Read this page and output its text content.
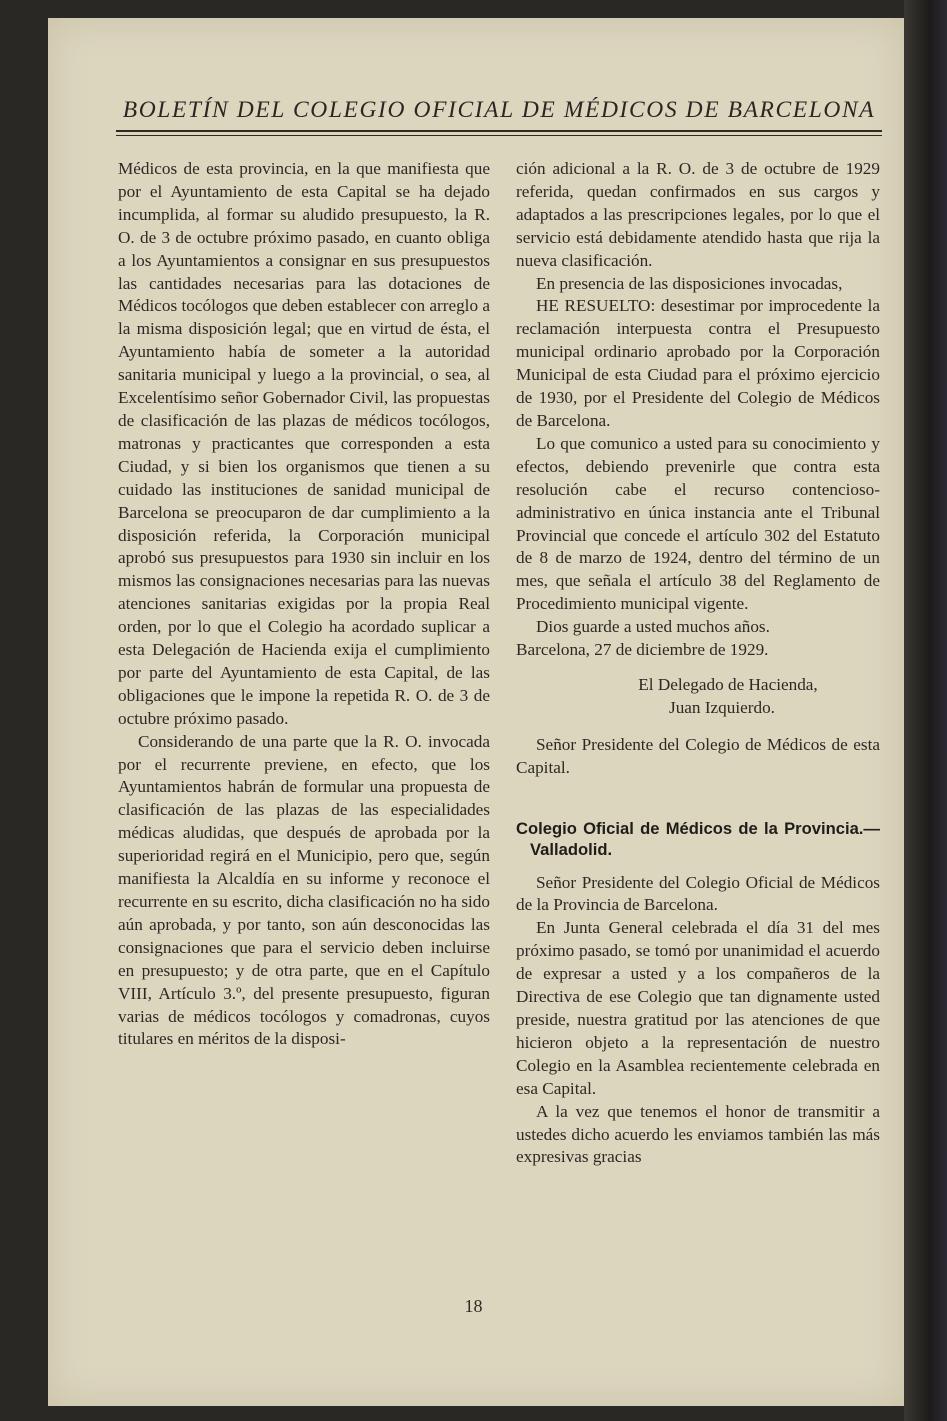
BOLETÍN DEL COLEGIO OFICIAL DE MÉDICOS DE BARCELONA

Médicos de esta provincia, en la que manifiesta que por el Ayuntamiento de esta Capital se ha dejado incumplida, al formar su aludido presupuesto, la R. O. de 3 de octubre próximo pasado, en cuanto obliga a los Ayuntamientos a consignar en sus presupuestos las cantidades necesarias para las dotaciones de Médicos tocólogos que deben establecer con arreglo a la misma disposición legal; que en virtud de ésta, el Ayuntamiento había de someter a la autoridad sanitaria municipal y luego a la provincial, o sea, al Excelentísimo señor Gobernador Civil, las propuestas de clasificación de las plazas de médicos tocólogos, matronas y practicantes que corresponden a esta Ciudad, y si bien los organismos que tienen a su cuidado las instituciones de sanidad municipal de Barcelona se preocuparon de dar cumplimiento a la disposición referida, la Corporación municipal aprobó sus presupuestos para 1930 sin incluir en los mismos las consignaciones necesarias para las nuevas atenciones sanitarias exigidas por la propia Real orden, por lo que el Colegio ha acordado suplicar a esta Delegación de Hacienda exija el cumplimiento por parte del Ayuntamiento de esta Capital, de las obligaciones que le impone la repetida R. O. de 3 de octubre próximo pasado.

Considerando de una parte que la R. O. invocada por el recurrente previene, en efecto, que los Ayuntamientos habrán de formular una propuesta de clasificación de las plazas de las especialidades médicas aludidas, que después de aprobada por la superioridad regirá en el Municipio, pero que, según manifiesta la Alcaldía en su informe y reconoce el recurrente en su escrito, dicha clasificación no ha sido aún aprobada, y por tanto, son aún desconocidas las consignaciones que para el servicio deben incluirse en presupuesto; y de otra parte, que en el Capítulo VIII, Artículo 3.º, del presente presupuesto, figuran varias de médicos tocólogos y comadronas, cuyos titulares en méritos de la disposi-

ción adicional a la R. O. de 3 de octubre de 1929 referida, quedan confirmados en sus cargos y adaptados a las prescripciones legales, por lo que el servicio está debidamente atendido hasta que rija la nueva clasificación.

En presencia de las disposiciones invocadas,

HE RESUELTO: desestimar por improcedente la reclamación interpuesta contra el Presupuesto municipal ordinario aprobado por la Corporación Municipal de esta Ciudad para el próximo ejercicio de 1930, por el Presidente del Colegio de Médicos de Barcelona.

Lo que comunico a usted para su conocimiento y efectos, debiendo prevenirle que contra esta resolución cabe el recurso contencioso-administrativo en única instancia ante el Tribunal Provincial que concede el artículo 302 del Estatuto de 8 de marzo de 1924, dentro del término de un mes, que señala el artículo 38 del Reglamento de Procedimiento municipal vigente.

Dios guarde a usted muchos años.

Barcelona, 27 de diciembre de 1929.

El Delegado de Hacienda,

Juan Izquierdo.

Señor Presidente del Colegio de Médicos de esta Capital.

Colegio Oficial de Médicos de la Provincia.—Valladolid.

Señor Presidente del Colegio Oficial de Médicos de la Provincia de Barcelona.

En Junta General celebrada el día 31 del mes próximo pasado, se tomó por unanimidad el acuerdo de expresar a usted y a los compañeros de la Directiva de ese Colegio que tan dignamente usted preside, nuestra gratitud por las atenciones de que hicieron objeto a la representación de nuestro Colegio en la Asamblea recientemente celebrada en esa Capital.

A la vez que tenemos el honor de transmitir a ustedes dicho acuerdo les enviamos también las más expresivas gracias

18
